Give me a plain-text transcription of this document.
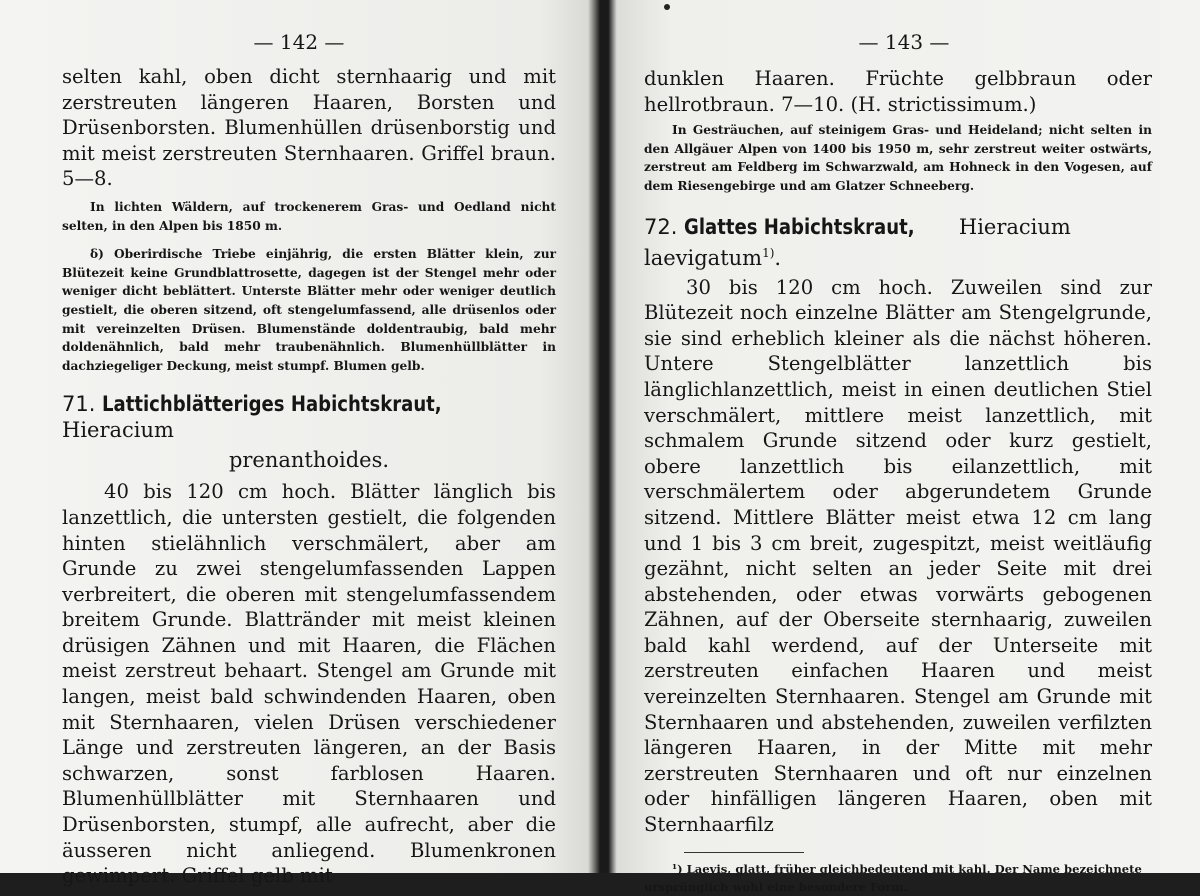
— 142 —

selten kahl, oben dicht sternhaarig und mit zerstreuten längeren Haaren, Borsten und Drüsenborsten. Blumenhüllen drüsenborstig und mit meist zerstreuten Sternhaaren. Griffel braun. 5—8.

In lichten Wäldern, auf trockenerem Gras- und Oedland nicht selten, in den Alpen bis 1850 m.

δ) Oberirdische Triebe einjährig, die ersten Blätter klein, zur Blütezeit keine Grundblattrosette, dagegen ist der Stengel mehr oder weniger dicht beblättert. Unterste Blätter mehr oder weniger deutlich gestielt, die oberen sitzend, oft stengelumfassend, alle drüsenlos oder mit vereinzelten Drüsen. Blumenstände doldentraubig, bald mehr doldenähnlich, bald mehr traubenähnlich. Blumenhüllblätter in dachziegeliger Deckung, meist stumpf. Blumen gelb.

71. Lattichblätteriges Habichtskraut, Hieracium

prenanthoides.

40 bis 120 cm hoch. Blätter länglich bis lanzettlich, die untersten gestielt, die folgenden hinten stielähnlich verschmälert, aber am Grunde zu zwei stengelumfassenden Lappen verbreitert, die oberen mit stengelumfassendem breitem Grunde. Blattränder mit meist kleinen drüsigen Zähnen und mit Haaren, die Flächen meist zerstreut behaart. Stengel am Grunde mit langen, meist bald schwindenden Haaren, oben mit Sternhaaren, vielen Drüsen verschiedener Länge und zerstreuten längeren, an der Basis schwarzen, sonst farblosen Haaren. Blumenhüllblätter mit Sternhaaren und Drüsenborsten, stumpf, alle aufrecht, aber die äusseren nicht anliegend. Blumenkronen gewimpert. Griffel gelb mit

— 143 —

dunklen Haaren. Früchte gelbbraun oder hellrotbraun. 7—10. (H. strictissimum.)

In Gesträuchen, auf steinigem Gras- und Heideland; nicht selten in den Allgäuer Alpen von 1400 bis 1950 m, sehr zerstreut weiter ostwärts, zerstreut am Feldberg im Schwarzwald, am Hohneck in den Vogesen, auf dem Riesengebirge und am Glatzer Schneeberg.

72. Glattes Habichtskraut, Hieracium laevigatum$^{1)}$.

30 bis 120 cm hoch. Zuweilen sind zur Blütezeit noch einzelne Blätter am Stengelgrunde, sie sind erheblich kleiner als die nächst höheren. Untere Stengelblätter lanzettlich bis länglichlanzettlich, meist in einen deutlichen Stiel verschmälert, mittlere meist lanzettlich, mit schmalem Grunde sitzend oder kurz gestielt, obere lanzettlich bis eilanzettlich, mit verschmälertem oder abgerundetem Grunde sitzend. Mittlere Blätter meist etwa 12 cm lang und 1 bis 3 cm breit, zugespitzt, meist weitläufig gezähnt, nicht selten an jeder Seite mit drei abstehenden, oder etwas vorwärts gebogenen Zähnen, auf der Oberseite sternhaarig, zuweilen bald kahl werdend, auf der Unterseite mit zerstreuten einfachen Haaren und meist vereinzelten Sternhaaren. Stengel am Grunde mit Sternhaaren und abstehenden, zuweilen verfilzten längeren Haaren, in der Mitte mit mehr zerstreuten Sternhaaren und oft nur einzelnen oder hinfälligen längeren Haaren, oben mit Sternhaarfilz

¹) Laevis, glatt, früher gleichbedeutend mit kahl. Der Name bezeichnete ursprünglich wohl eine besondere Form.
